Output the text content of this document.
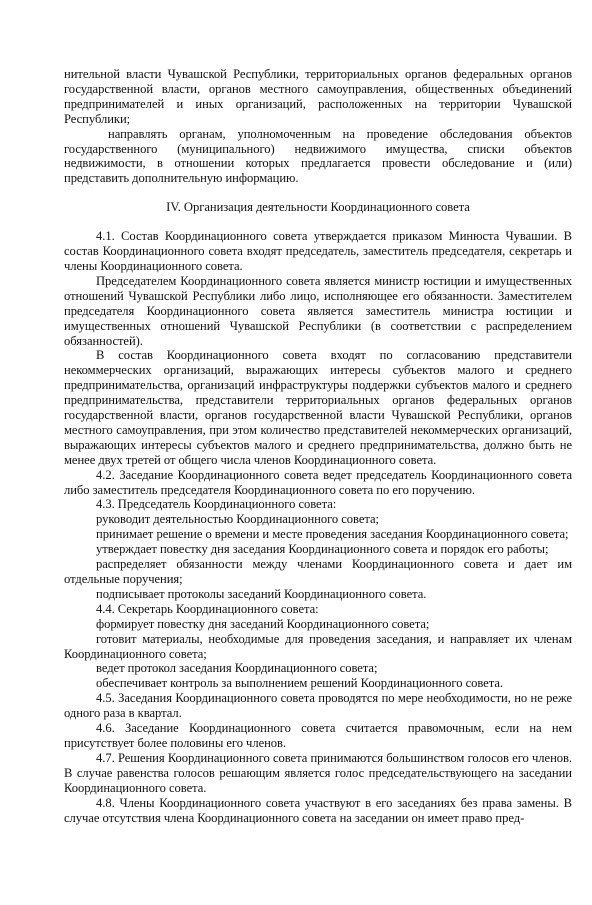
нительной власти Чувашской Республики, территориальных органов федеральных органов государственной власти, органов местного самоуправления, общественных объединений предпринимателей и иных организаций, расположенных на территории Чувашской Республики;

направлять органам, уполномоченным на проведение обследования объектов государственного (муниципального) недвижимого имущества, списки объектов недвижимости, в отношении которых предлагается провести обследование и (или) представить дополнительную информацию.

IV. Организация деятельности Координационного совета

4.1. Состав Координационного совета утверждается приказом Минюста Чувашии. В состав Координационного совета входят председатель, заместитель председателя, секретарь и члены Координационного совета.

Председателем Координационного совета является министр юстиции и имущественных отношений Чувашской Республики либо лицо, исполняющее его обязанности. Заместителем председателя Координационного совета является заместитель министра юстиции и имущественных отношений Чувашской Республики (в соответствии с распределением обязанностей).

В состав Координационного совета входят по согласованию представители некоммерческих организаций, выражающих интересы субъектов малого и среднего предпринимательства, организаций инфраструктуры поддержки субъектов малого и среднего предпринимательства, представители территориальных органов федеральных органов государственной власти, органов государственной власти Чувашской Республики, органов местного самоуправления, при этом количество представителей некоммерческих организаций, выражающих интересы субъектов малого и среднего предпринимательства, должно быть не менее двух третей от общего числа членов Координационного совета.

4.2. Заседание Координационного совета ведет председатель Координационного совета либо заместитель председателя Координационного совета по его поручению.

4.3. Председатель Координационного совета:

руководит деятельностью Координационного совета;

принимает решение о времени и месте проведения заседания Координационного совета;

утверждает повестку дня заседания Координационного совета и порядок его работы;

распределяет обязанности между членами Координационного совета и дает им отдельные поручения;

подписывает протоколы заседаний Координационного совета.

4.4. Секретарь Координационного совета:

формирует повестку дня заседаний Координационного совета;

готовит материалы, необходимые для проведения заседания, и направляет их членам Координационного совета;

ведет протокол заседания Координационного совета;

обеспечивает контроль за выполнением решений Координационного совета.

4.5. Заседания Координационного совета проводятся по мере необходимости, но не реже одного раза в квартал.

4.6. Заседание Координационного совета считается правомочным, если на нем присутствует более половины его членов.

4.7. Решения Координационного совета принимаются большинством голосов его членов. В случае равенства голосов решающим является голос председательствующего на заседании Координационного совета.

4.8. Члены Координационного совета участвуют в его заседаниях без права замены. В случае отсутствия члена Координационного совета на заседании он имеет право пред-
